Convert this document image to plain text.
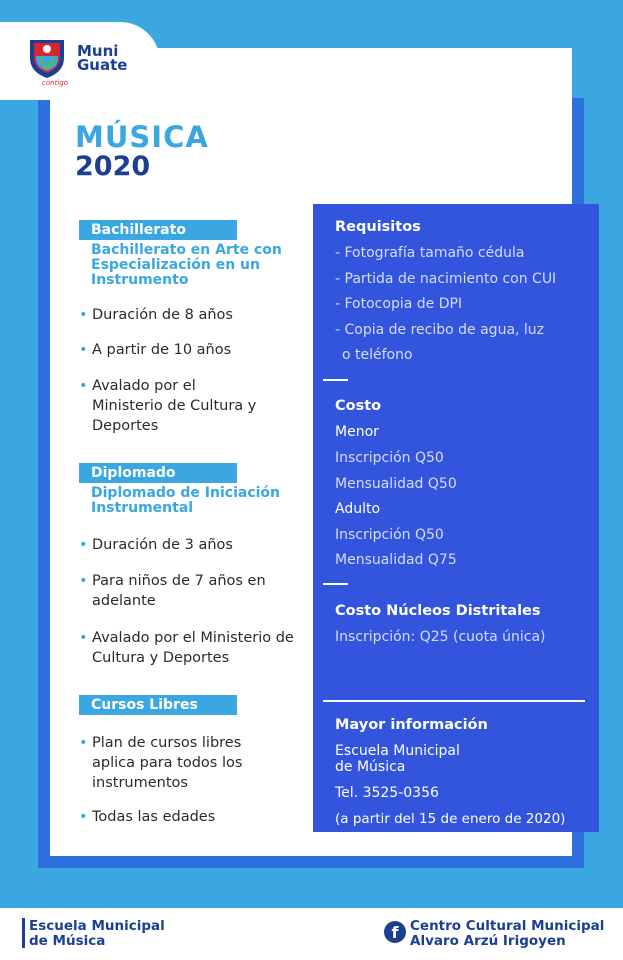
Muni
Guate
contigo
MÚSICA
2020
Bachillerato
Bachillerato en Arte con Especialización en un Instrumento
• Duración de 8 años
• A partir de 10 años
• Avalado por el Ministerio de Cultura y Deportes
Diplomado
Diplomado de Iniciación Instrumental
• Duración de 3 años
• Para niños de 7 años en adelante
• Avalado por el Ministerio de Cultura y Deportes
Cursos Libres
• Plan de cursos libres aplica para todos los instrumentos
• Todas las edades
Requisitos
- Fotografía tamaño cédula
- Partida de nacimiento con CUI
- Fotocopia de DPI
- Copia de recibo de agua, luz
o teléfono
Costo
Menor
Inscripción Q50
Mensualidad Q50
Adulto
Inscripción Q50
Mensualidad Q75
Costo Núcleos Distritales
Inscripción: Q25 (cuota única)
Mayor información
Escuela Municipal
de Música
Tel. 3525-0356
(a partir del 15 de enero de 2020)
Escuela Municipal
de Música	f Centro Cultural Municipal
Alvaro Arzú Irigoyen
